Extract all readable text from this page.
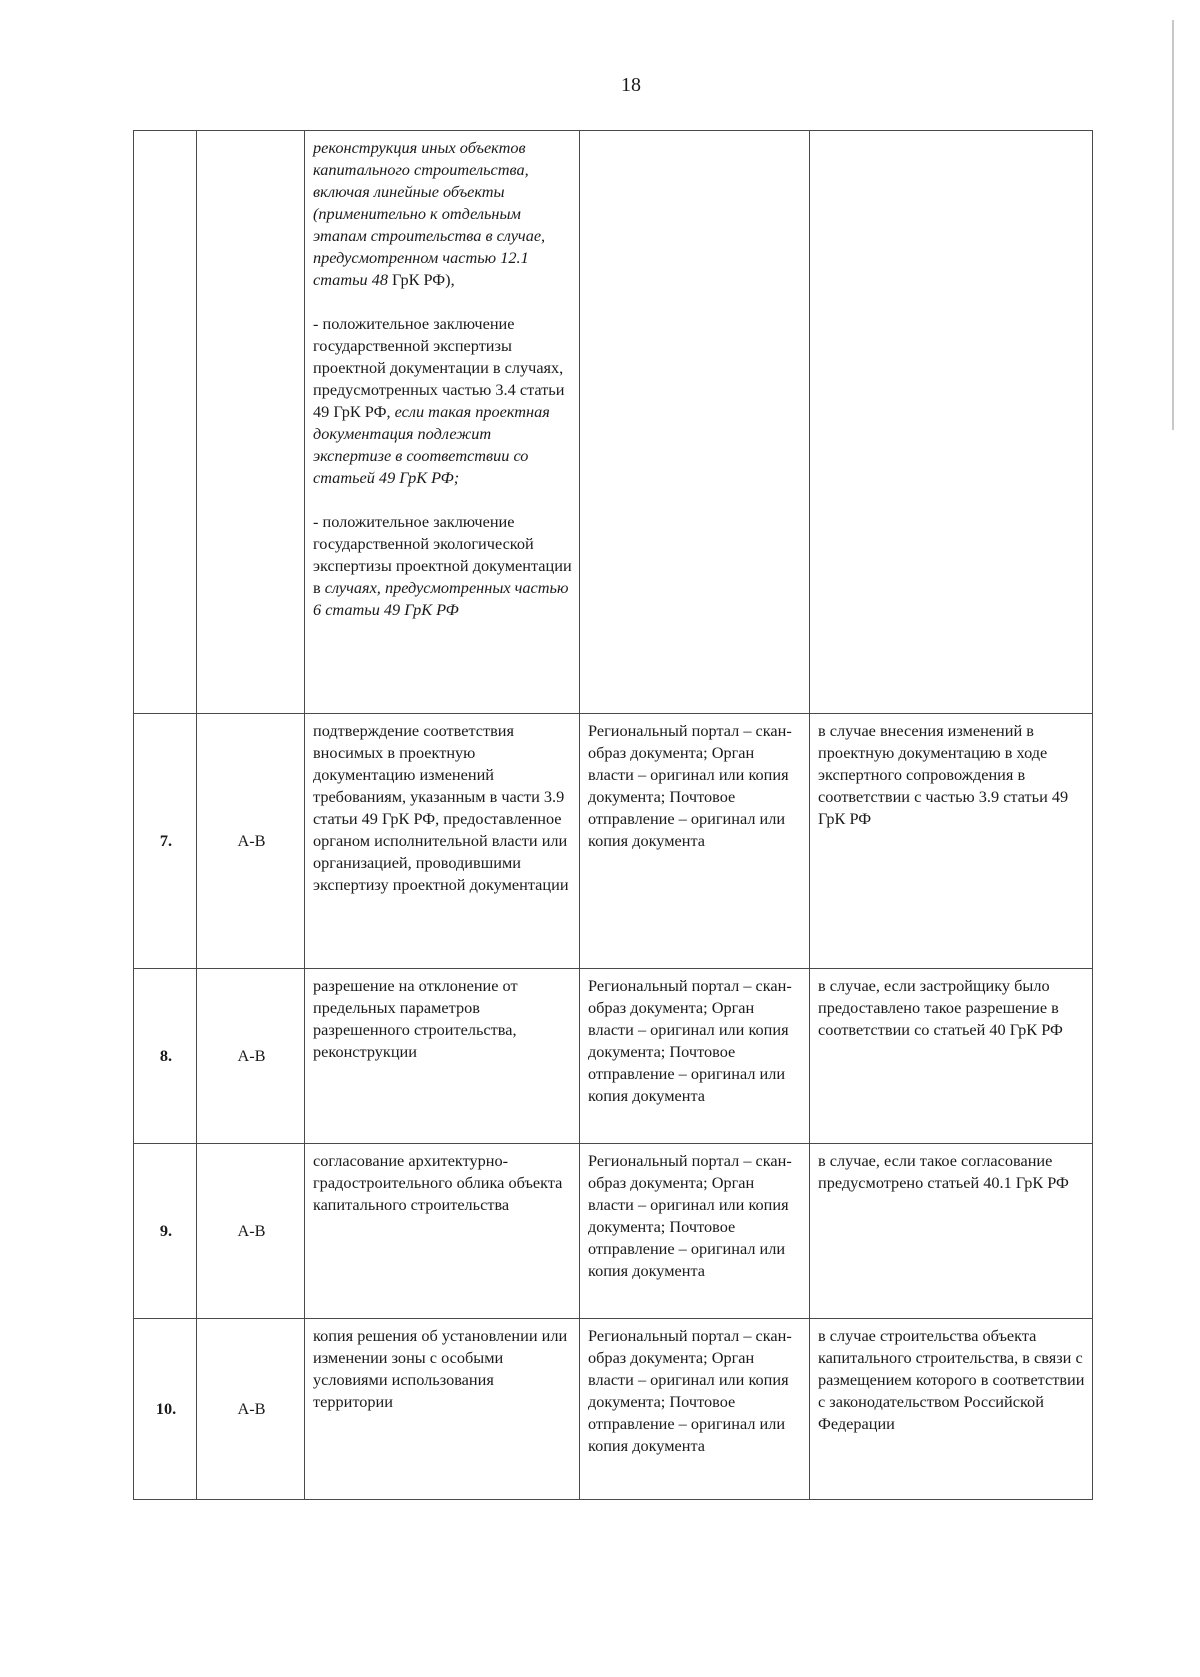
18

		реконструкция иных объектов капитального строительства, включая линейные объекты (применительно к отдельным этапам строительства в случае, предусмотренном частью 12.1 статьи 48 ГрК РФ),

- положительное заключение государственной экспертизы проектной документации в случаях, предусмотренных частью 3.4 статьи 49 ГрК РФ, если такая проектная документация подлежит экспертизе в соответствии со статьей 49 ГрК РФ;

- положительное заключение государственной экологической экспертизы проектной документации в случаях, предусмотренных частью 6 статьи 49 ГрК РФ		

7.	А-В	подтверждение соответствия вносимых в проектную документацию изменений требованиям, указанным в части 3.9 статьи 49 ГрК РФ, предоставленное органом исполнительной власти или организацией, проводившими экспертизу проектной документации	Региональный портал – скан-образ документа; Орган власти – оригинал или копия документа; Почтовое отправление – оригинал или копия документа	в случае внесения изменений в проектную документацию в ходе экспертного сопровождения в соответствии с частью 3.9 статьи 49 ГрК РФ
8.	А-В	разрешение на отклонение от предельных параметров разрешенного строительства, реконструкции	Региональный портал – скан-образ документа; Орган власти – оригинал или копия документа; Почтовое отправление – оригинал или копия документа	в случае, если застройщику было предоставлено такое разрешение в соответствии со статьей 40 ГрК РФ
9.	А-В	согласование архитектурно-градостроительного облика объекта капитального строительства	Региональный портал – скан-образ документа; Орган власти – оригинал или копия документа; Почтовое отправление – оригинал или копия документа	в случае, если такое согласование предусмотрено статьей 40.1 ГрК РФ
10.	А-В	копия решения об установлении или изменении зоны с особыми условиями использования территории	Региональный портал – скан-образ документа; Орган власти – оригинал или копия документа; Почтовое отправление – оригинал или копия документа	в случае строительства объекта капитального строительства, в связи с размещением которого в соответствии с законодательством Российской Федерации
